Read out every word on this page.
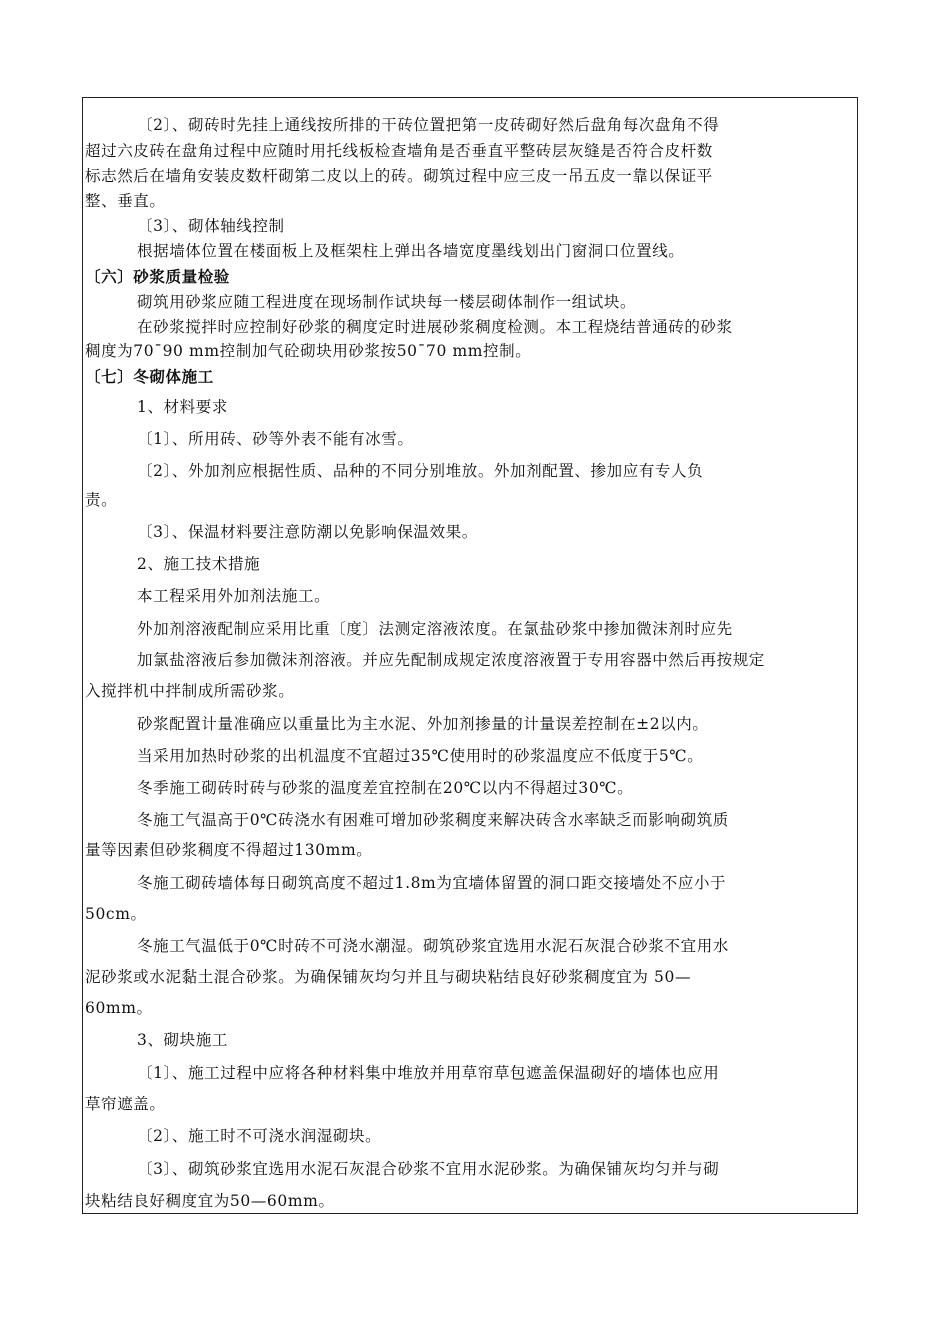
〔2〕、砌砖时先挂上通线按所排的干砖位置把第一皮砖砌好然后盘角每次盘角不得
超过六皮砖在盘角过程中应随时用托线板检查墙角是否垂直平整砖层灰缝是否符合皮杆数
标志然后在墙角安装皮数杆砌第二皮以上的砖。砌筑过程中应三皮一吊五皮一靠以保证平
整、垂直。
〔3〕、砌体轴线控制
根据墙体位置在楼面板上及框架柱上弹出各墙宽度墨线划出门窗洞口位置线。
〔六〕砂浆质量检验
砌筑用砂浆应随工程进度在现场制作试块每一楼层砌体制作一组试块。
在砂浆搅拌时应控制好砂浆的稠度定时进展砂浆稠度检测。本工程烧结普通砖的砂浆
稠度为70¯90 mm控制加气砼砌块用砂浆按50¯70 mm控制。
〔七〕冬砌体施工
1、材料要求
〔1〕、所用砖、砂等外表不能有冰雪。
〔2〕、外加剂应根据性质、品种的不同分别堆放。外加剂配置、掺加应有专人负
责。
〔3〕、保温材料要注意防潮以免影响保温效果。
2、施工技术措施
本工程采用外加剂法施工。
外加剂溶液配制应采用比重〔度〕法测定溶液浓度。在氯盐砂浆中掺加微沫剂时应先
加氯盐溶液后参加微沫剂溶液。并应先配制成规定浓度溶液置于专用容器中然后再按规定
入搅拌机中拌制成所需砂浆。
砂浆配置计量准确应以重量比为主水泥、外加剂掺量的计量误差控制在±2以内。
当采用加热时砂浆的出机温度不宜超过35℃使用时的砂浆温度应不低度于5℃。
冬季施工砌砖时砖与砂浆的温度差宜控制在20℃以内不得超过30℃。
冬施工气温高于0℃砖浇水有困难可增加砂浆稠度来解决砖含水率缺乏而影响砌筑质
量等因素但砂浆稠度不得超过130mm。
冬施工砌砖墙体每日砌筑高度不超过1.8m为宜墙体留置的洞口距交接墙处不应小于
50cm。
冬施工气温低于0℃时砖不可浇水潮湿。砌筑砂浆宜选用水泥石灰混合砂浆不宜用水
泥砂浆或水泥黏土混合砂浆。为确保铺灰均匀并且与砌块粘结良好砂浆稠度宜为 50—
60mm。
3、砌块施工
〔1〕、施工过程中应将各种材料集中堆放并用草帘草包遮盖保温砌好的墙体也应用
草帘遮盖。
〔2〕、施工时不可浇水润湿砌块。
〔3〕、砌筑砂浆宜选用水泥石灰混合砂浆不宜用水泥砂浆。为确保铺灰均匀并与砌
块粘结良好稠度宜为50—60mm。
